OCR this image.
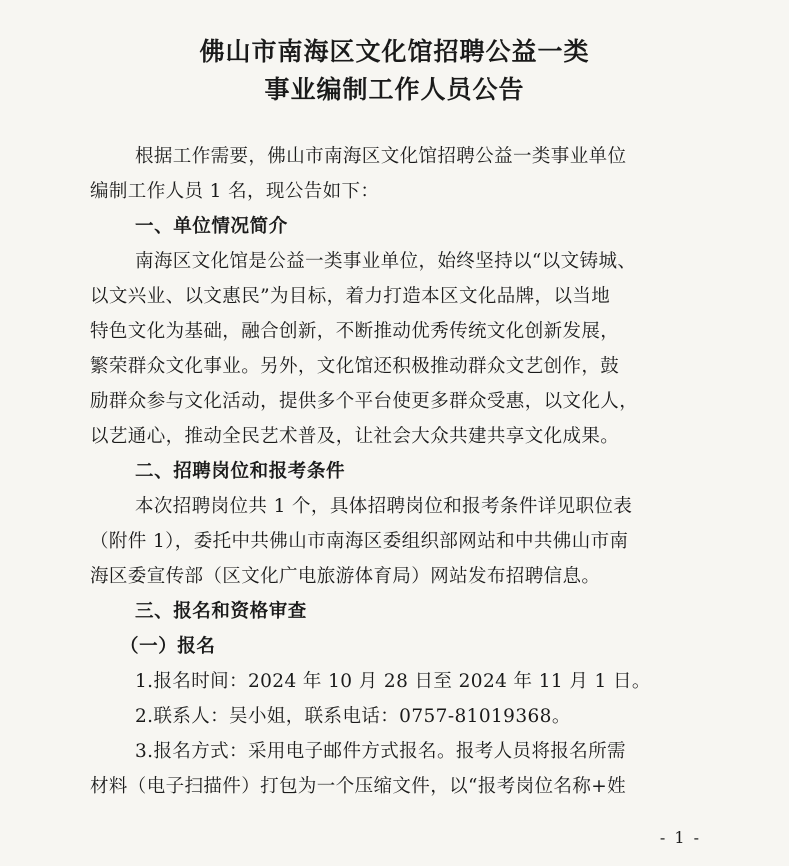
佛山市南海区文化馆招聘公益一类
事业编制工作人员公告
根据工作需要，佛山市南海区文化馆招聘公益一类事业单位
编制工作人员 1 名，现公告如下：
一、单位情况简介
南海区文化馆是公益一类事业单位，始终坚持以“以文铸城、
以文兴业、以文惠民”为目标，着力打造本区文化品牌，以当地
特色文化为基础，融合创新，不断推动优秀传统文化创新发展，
繁荣群众文化事业。另外，文化馆还积极推动群众文艺创作，鼓
励群众参与文化活动，提供多个平台使更多群众受惠，以文化人，
以艺通心，推动全民艺术普及，让社会大众共建共享文化成果。
二、招聘岗位和报考条件
本次招聘岗位共 1 个，具体招聘岗位和报考条件详见职位表
（附件 1），委托中共佛山市南海区委组织部网站和中共佛山市南
海区委宣传部（区文化广电旅游体育局）网站发布招聘信息。
三、报名和资格审查
（一）报名
1.报名时间：2024 年 10 月 28 日至 2024 年 11 月 1 日。
2.联系人：吴小姐，联系电话：0757-81019368。
3.报名方式：采用电子邮件方式报名。报考人员将报名所需
材料（电子扫描件）打包为一个压缩文件，以“报考岗位名称+姓
- 1 -
